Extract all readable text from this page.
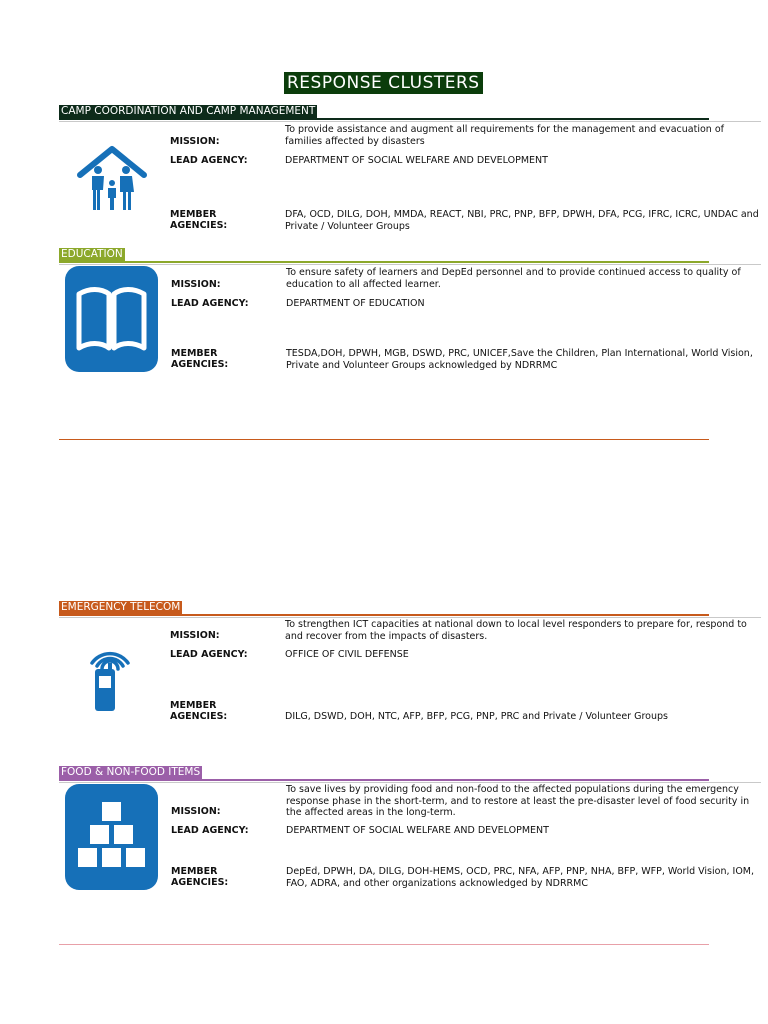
RESPONSE CLUSTERS
CAMP COORDINATION AND CAMP MANAGEMENT
MISSION:
To provide assistance and augment all requirements for the management and evacuation of families affected by disasters
LEAD AGENCY:	DEPARTMENT OF SOCIAL WELFARE AND DEVELOPMENT
MEMBER
AGENCIES:
DFA, OCD, DILG, DOH, MMDA, REACT, NBI, PRC, PNP, BFP, DPWH, DFA, PCG, IFRC, ICRC, UNDAC and Private / Volunteer Groups
EDUCATION
MISSION:
To ensure safety of learners and DepEd personnel and to provide continued access to quality of education to all affected learner.
LEAD AGENCY:	DEPARTMENT OF EDUCATION
MEMBER
AGENCIES:
TESDA,DOH, DPWH, MGB, DSWD, PRC, UNICEF,Save the Children, Plan International, World Vision, Private and Volunteer Groups acknowledged by NDRRMC
EMERGENCY TELECOM
MISSION:
To strengthen ICT capacities at national down to local level responders to prepare for, respond to and recover from the impacts of disasters.
LEAD AGENCY:	OFFICE OF CIVIL DEFENSE
MEMBER
AGENCIES:	DILG, DSWD, DOH, NTC, AFP, BFP, PCG, PNP, PRC and Private / Volunteer Groups
FOOD & NON-FOOD ITEMS
MISSION:
To save lives by providing food and non-food to the affected populations during the emergency response phase in the short-term, and to restore at least the pre-disaster level of food security in the affected areas in the long-term.
LEAD AGENCY:	DEPARTMENT OF SOCIAL WELFARE AND DEVELOPMENT
MEMBER
AGENCIES:
DepEd, DPWH, DA, DILG, DOH-HEMS, OCD, PRC, NFA, AFP, PNP, NHA, BFP, WFP, World Vision, IOM, FAO, ADRA, and other organizations acknowledged by NDRRMC
